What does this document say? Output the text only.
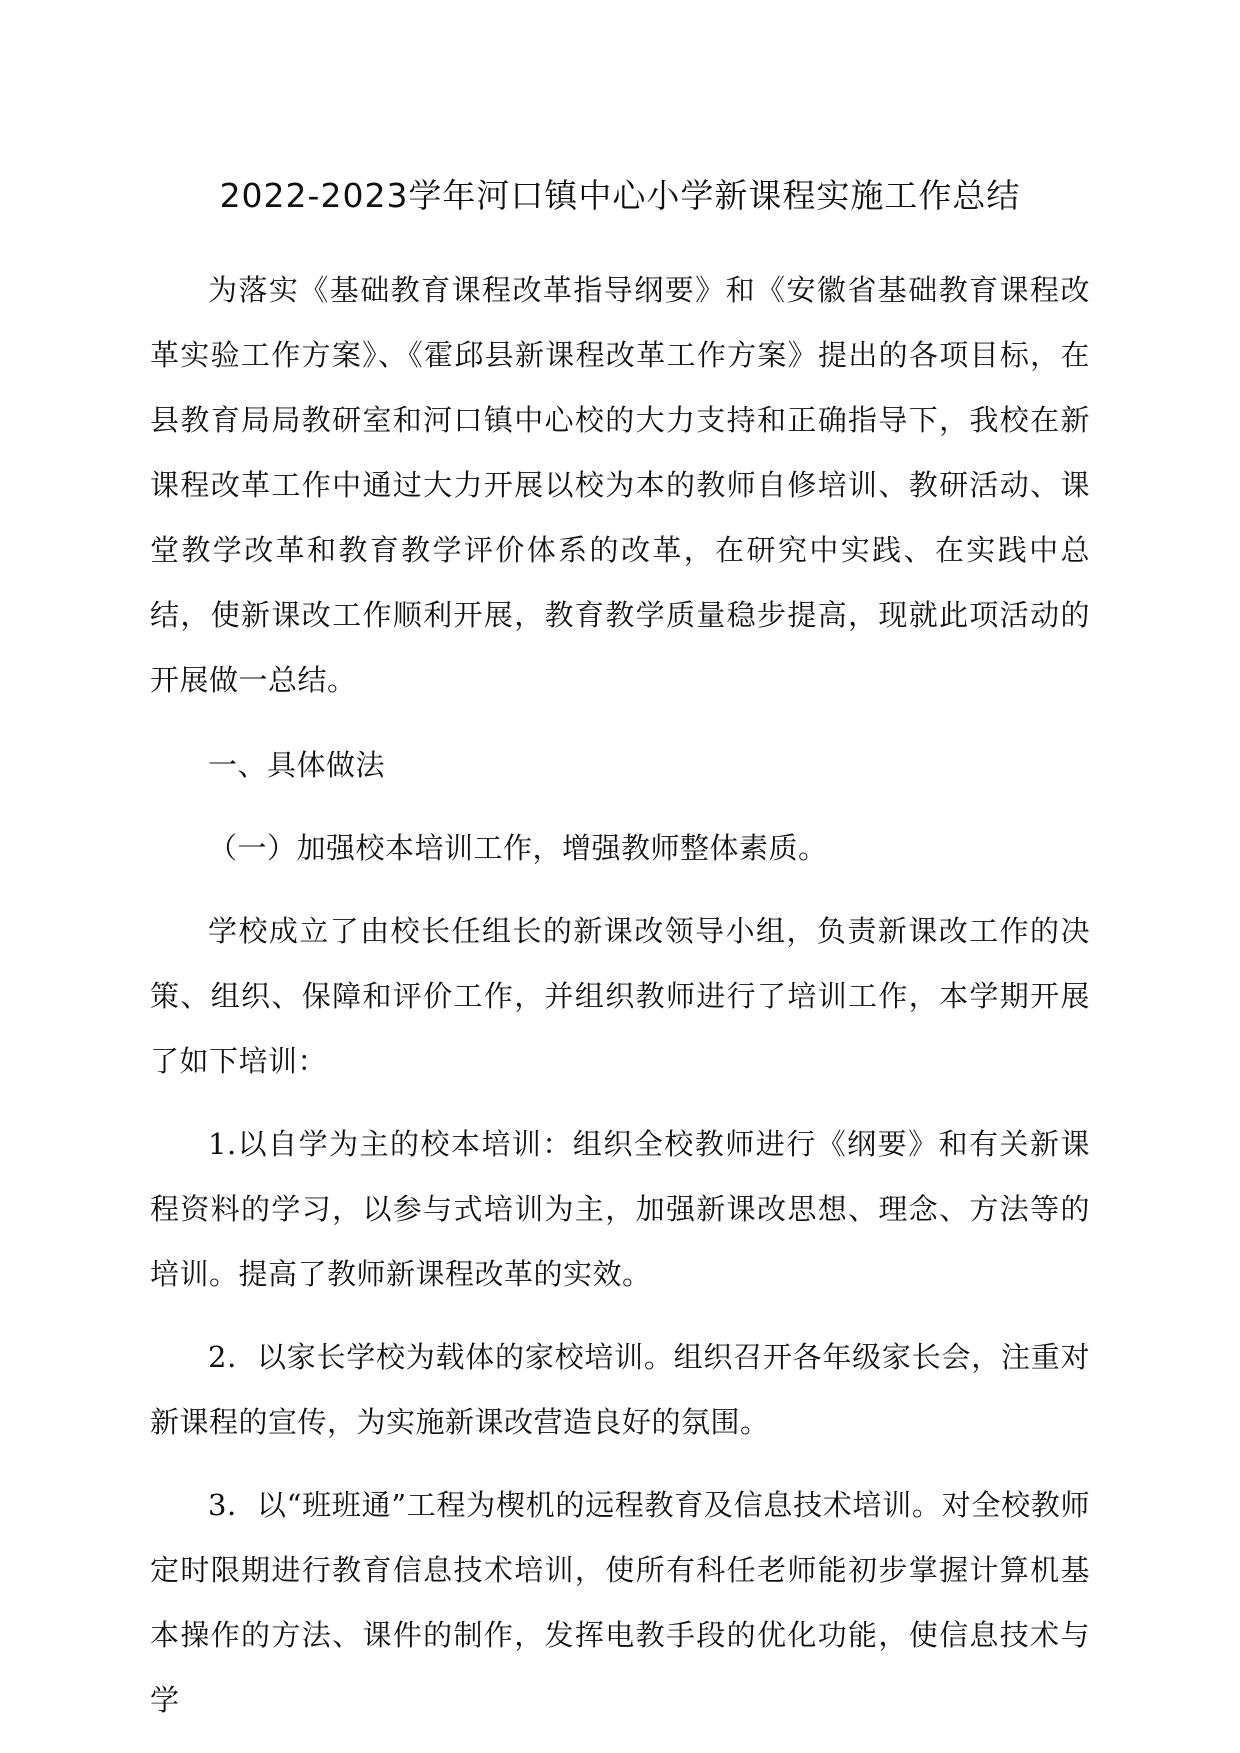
2022-2023学年河口镇中心小学新课程实施工作总结

为落实《基础教育课程改革指导纲要》和《安徽省基础教育课程改革实验工作方案》、《霍邱县新课程改革工作方案》提出的各项目标，在县教育局局教研室和河口镇中心校的大力支持和正确指导下，我校在新课程改革工作中通过大力开展以校为本的教师自修培训、教研活动、课堂教学改革和教育教学评价体系的改革，在研究中实践、在实践中总结，使新课改工作顺利开展，教育教学质量稳步提高，现就此项活动的开展做一总结。

一、具体做法

（一）加强校本培训工作，增强教师整体素质。

学校成立了由校长任组长的新课改领导小组，负责新课改工作的决策、组织、保障和评价工作，并组织教师进行了培训工作，本学期开展了如下培训：

1.以自学为主的校本培训：组织全校教师进行《纲要》和有关新课程资料的学习，以参与式培训为主，加强新课改思想、理念、方法等的培训。提高了教师新课程改革的实效。

2．以家长学校为载体的家校培训。组织召开各年级家长会，注重对新课程的宣传，为实施新课改营造良好的氛围。

3．以“班班通”工程为楔机的远程教育及信息技术培训。对全校教师定时限期进行教育信息技术培训，使所有科任老师能初步掌握计算机基本操作的方法、课件的制作，发挥电教手段的优化功能，使信息技术与学
